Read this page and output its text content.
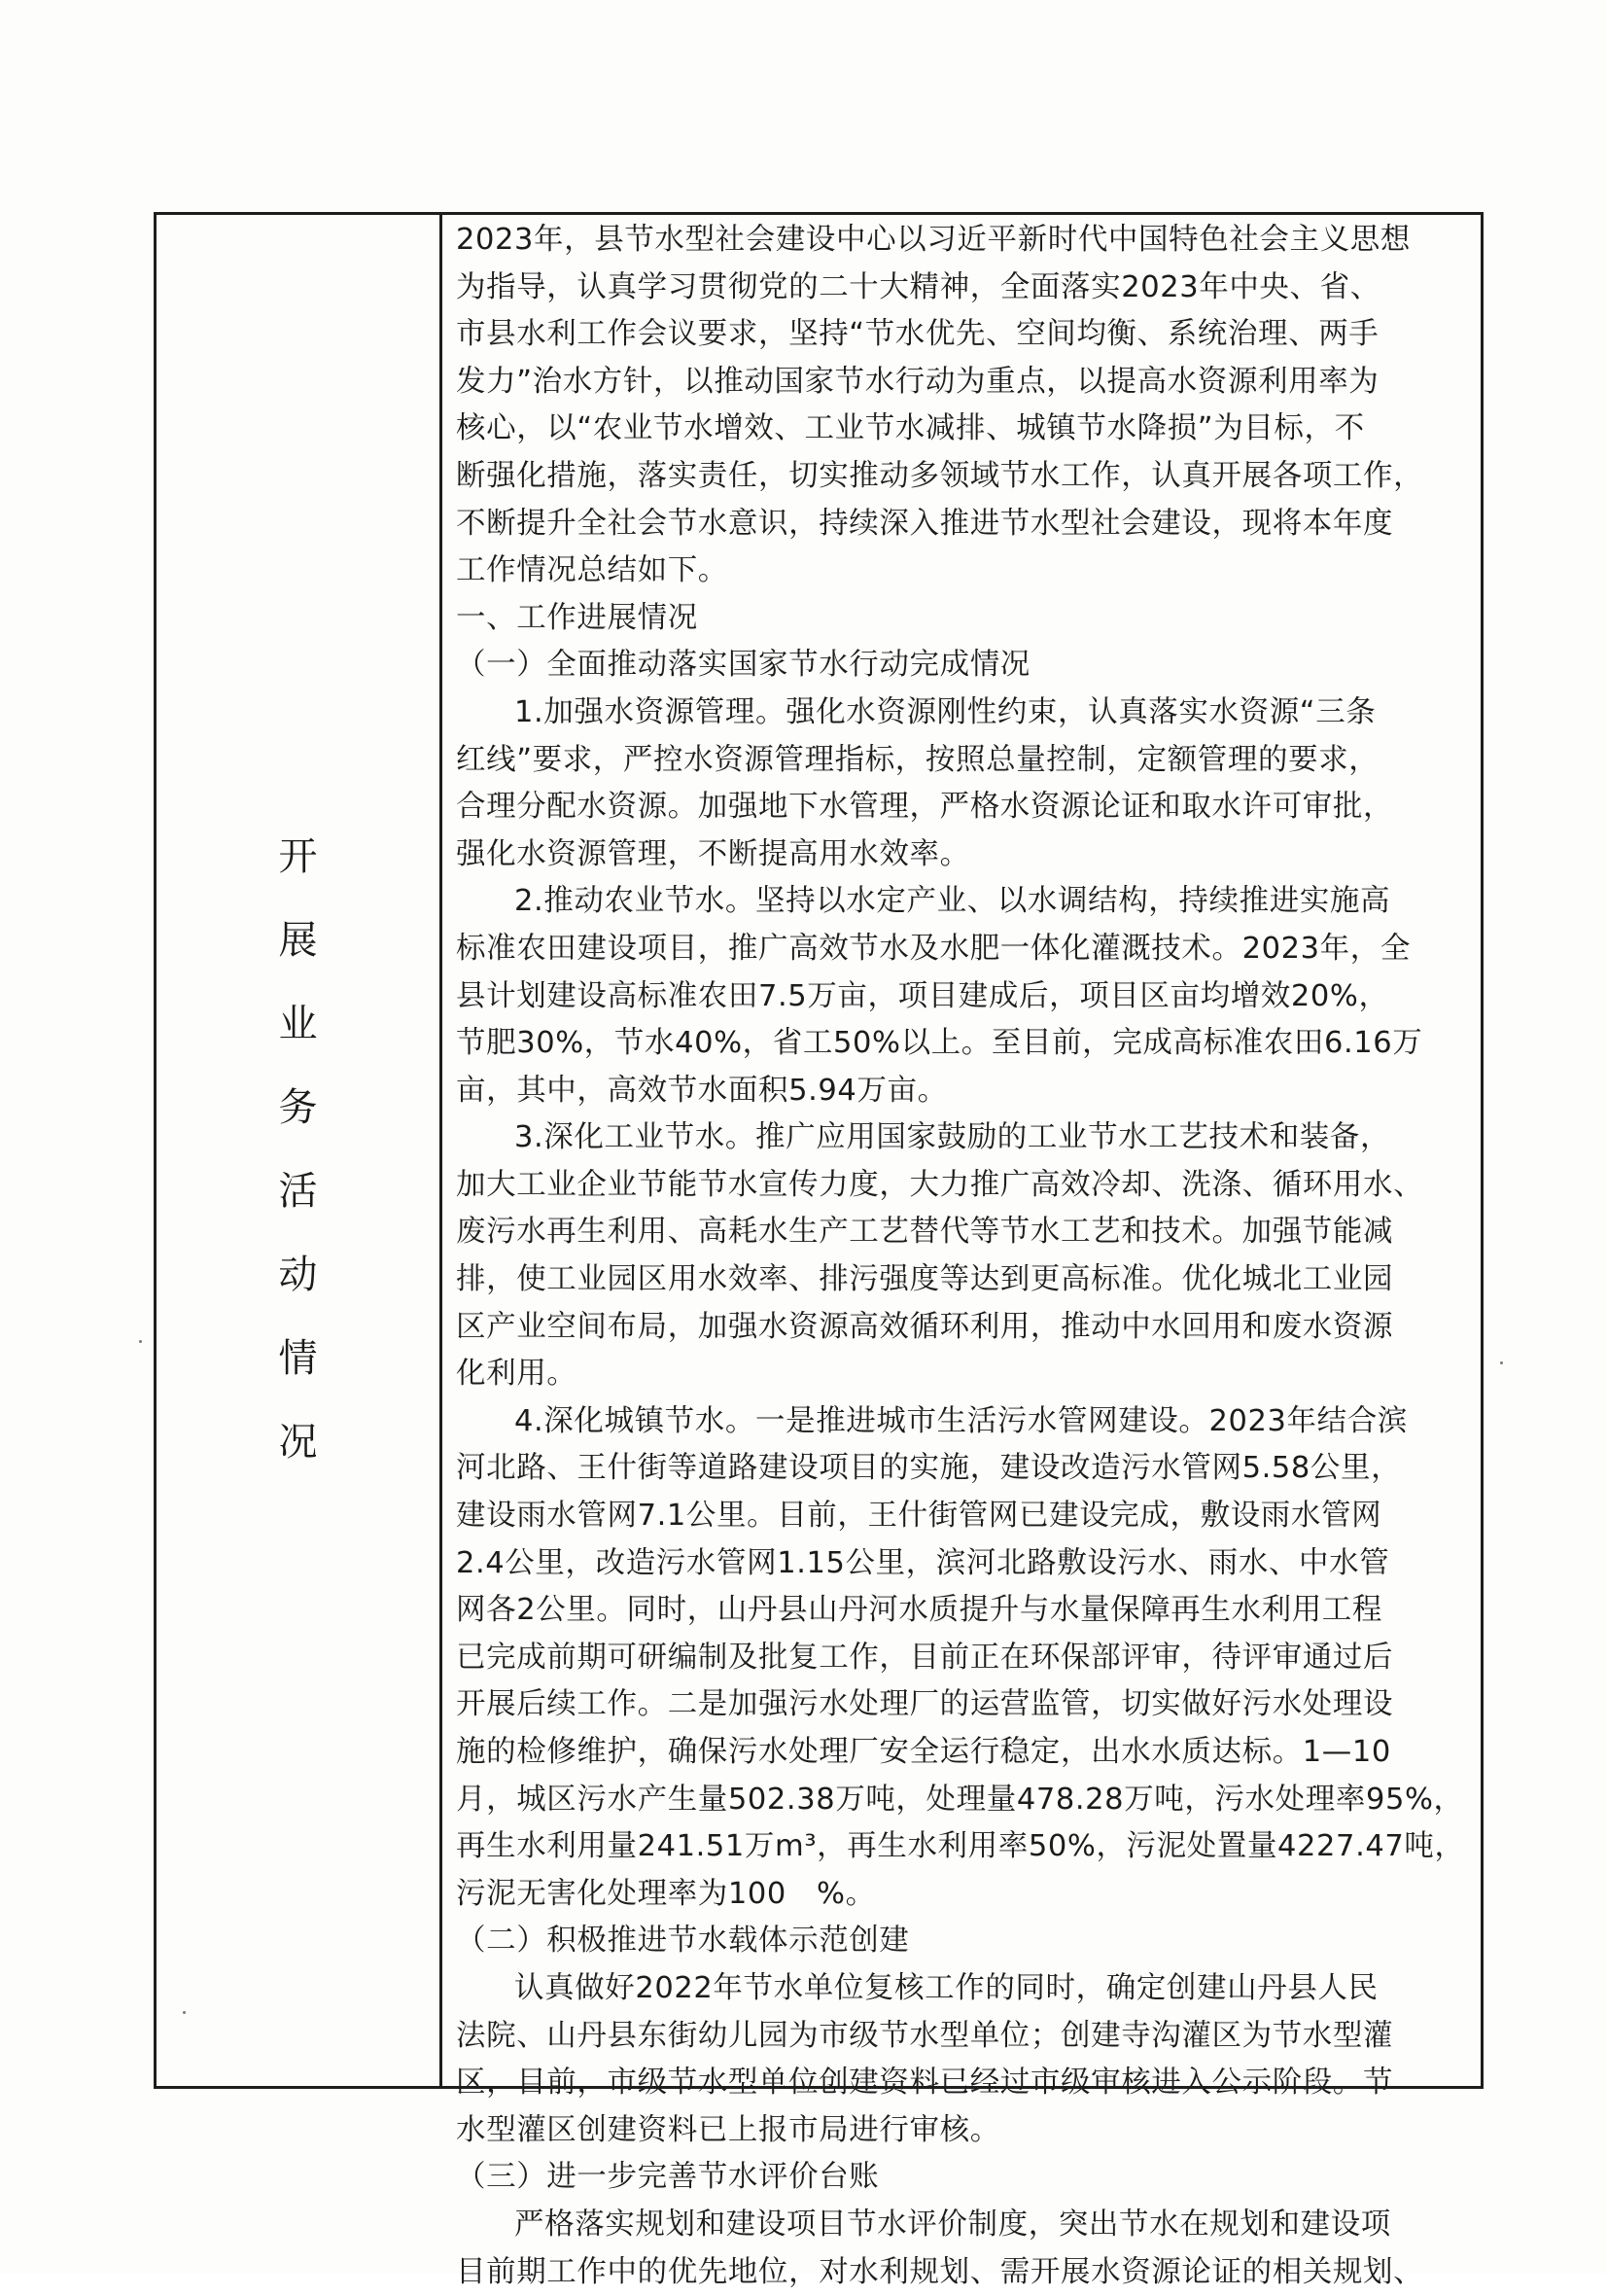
开
展
业
务
活
动
情
况
2023年，县节水型社会建设中心以习近平新时代中国特色社会主义思想
为指导，认真学习贯彻党的二十大精神，全面落实2023年中央、省、
市县水利工作会议要求，坚持“节水优先、空间均衡、系统治理、两手
发力”治水方针，以推动国家节水行动为重点，以提高水资源利用率为
核心，以“农业节水增效、工业节水减排、城镇节水降损”为目标，不
断强化措施，落实责任，切实推动多领域节水工作，认真开展各项工作，
不断提升全社会节水意识，持续深入推进节水型社会建设，现将本年度
工作情况总结如下。
一、工作进展情况
（一）全面推动落实国家节水行动完成情况
1.加强水资源管理。强化水资源刚性约束，认真落实水资源“三条
红线”要求，严控水资源管理指标，按照总量控制，定额管理的要求，
合理分配水资源。加强地下水管理，严格水资源论证和取水许可审批，
强化水资源管理，不断提高用水效率。
2.推动农业节水。坚持以水定产业、以水调结构，持续推进实施高
标准农田建设项目，推广高效节水及水肥一体化灌溉技术。2023年，全
县计划建设高标准农田7.5万亩，项目建成后，项目区亩均增效20%，
节肥30%，节水40%，省工50%以上。至目前，完成高标准农田6.16万
亩，其中，高效节水面积5.94万亩。
3.深化工业节水。推广应用国家鼓励的工业节水工艺技术和装备，
加大工业企业节能节水宣传力度，大力推广高效冷却、洗涤、循环用水、
废污水再生利用、高耗水生产工艺替代等节水工艺和技术。加强节能减
排，使工业园区用水效率、排污强度等达到更高标准。优化城北工业园
区产业空间布局，加强水资源高效循环利用，推动中水回用和废水资源
化利用。
4.深化城镇节水。一是推进城市生活污水管网建设。2023年结合滨
河北路、王什街等道路建设项目的实施，建设改造污水管网5.58公里，
建设雨水管网7.1公里。目前，王什街管网已建设完成，敷设雨水管网
2.4公里，改造污水管网1.15公里，滨河北路敷设污水、雨水、中水管
网各2公里。同时，山丹县山丹河水质提升与水量保障再生水利用工程
已完成前期可研编制及批复工作，目前正在环保部评审，待评审通过后
开展后续工作。二是加强污水处理厂的运营监管，切实做好污水处理设
施的检修维护，确保污水处理厂安全运行稳定，出水水质达标。1—10
月，城区污水产生量502.38万吨，处理量478.28万吨，污水处理率95%，
再生水利用量241.51万m³，再生水利用率50%，污泥处置量4227.47吨，
污泥无害化处理率为100　%。
（二）积极推进节水载体示范创建
认真做好2022年节水单位复核工作的同时，确定创建山丹县人民
法院、山丹县东街幼儿园为市级节水型单位；创建寺沟灌区为节水型灌
区，目前，市级节水型单位创建资料已经过市级审核进入公示阶段。节
水型灌区创建资料已上报市局进行审核。
（三）进一步完善节水评价台账
严格落实规划和建设项目节水评价制度，突出节水在规划和建设项
目前期工作中的优先地位，对水利规划、需开展水资源论证的相关规划、
